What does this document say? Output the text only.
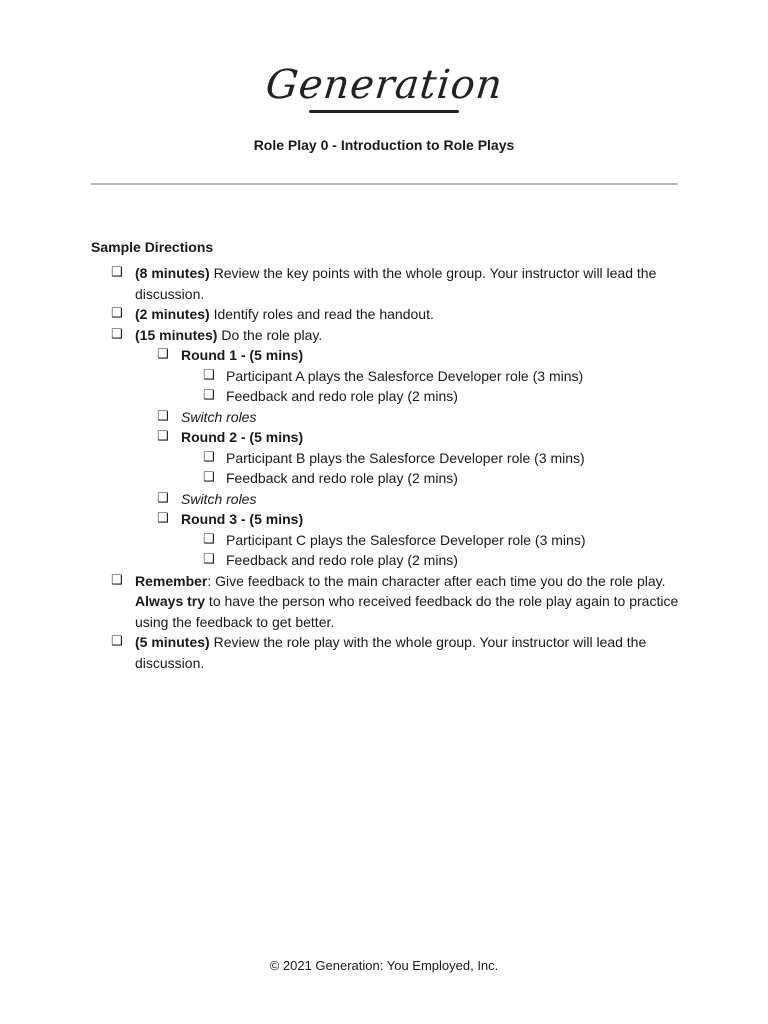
Generation
Role Play 0 - Introduction to Role Plays
Sample Directions
❑ (8 minutes) Review the key points with the whole group. Your instructor will lead the discussion.
❑ (2 minutes) Identify roles and read the handout.
❑ (15 minutes) Do the role play.
❑ Round 1 - (5 mins)
❑ Participant A plays the Salesforce Developer role (3 mins)
❑ Feedback and redo role play (2 mins)
❑ Switch roles
❑ Round 2 - (5 mins)
❑ Participant B plays the Salesforce Developer role (3 mins)
❑ Feedback and redo role play (2 mins)
❑ Switch roles
❑ Round 3 - (5 mins)
❑ Participant C plays the Salesforce Developer role (3 mins)
❑ Feedback and redo role play (2 mins)
❑ Remember: Give feedback to the main character after each time you do the role play. Always try to have the person who received feedback do the role play again to practice using the feedback to get better.
❑ (5 minutes) Review the role play with the whole group. Your instructor will lead the discussion.
© 2021 Generation: You Employed, Inc.
